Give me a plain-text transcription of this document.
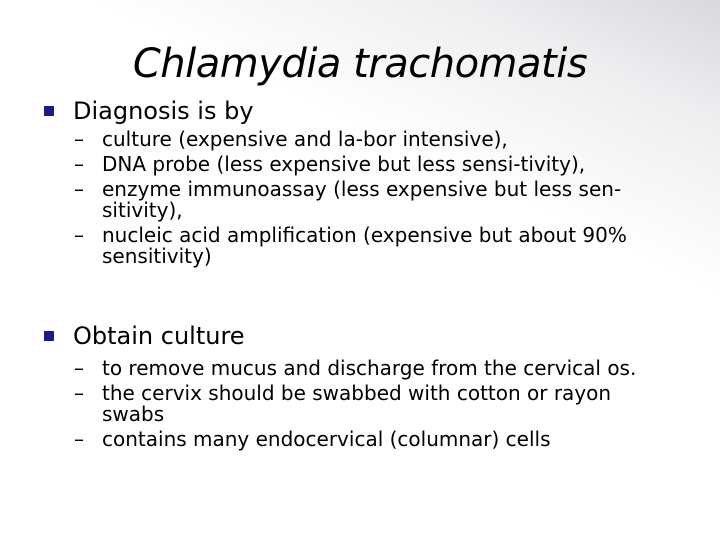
Chlamydia trachomatis
Diagnosis is by
– culture (expensive and la-bor intensive),
– DNA probe (less expensive but less sensi-tivity),
– enzyme immunoassay (less expensive but less sen-sitivity),
– nucleic acid amplification (expensive but about 90% sensitivity)
Obtain culture
– to remove mucus and discharge from the cervical os.
– the cervix should be swabbed with cotton or rayon swabs
– contains many endocervical (columnar) cells
